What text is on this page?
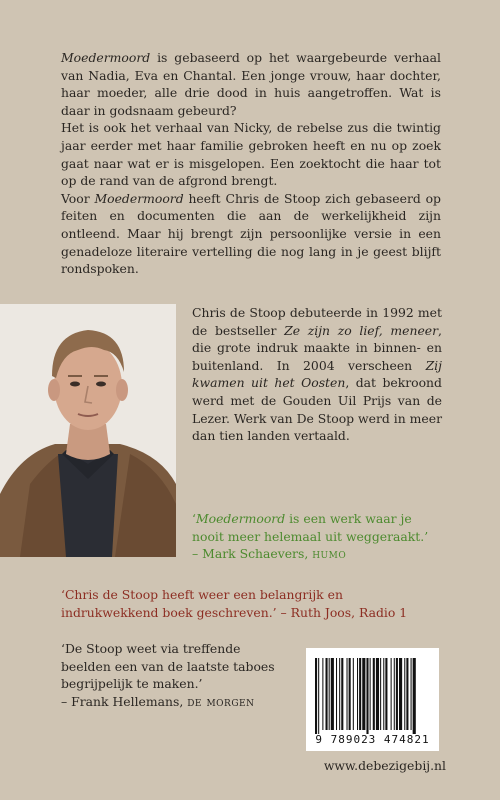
Moedermoord is gebaseerd op het waargebeurde verhaal van Nadia, Eva en Chantal. Een jonge vrouw, haar dochter, haar moeder, alle drie dood in huis aangetroffen. Wat is daar in godsnaam gebeurd?

Het is ook het verhaal van Nicky, de rebelse zus die twintig jaar eerder met haar familie gebroken heeft en nu op zoek gaat naar wat er is misgelopen. Een zoektocht die haar tot op de rand van de afgrond brengt.

Voor Moedermoord heeft Chris de Stoop zich gebaseerd op feiten en documenten die aan de werkelijkheid zijn ontleend. Maar hij brengt zijn persoonlijke versie in een genadeloze literaire vertelling die nog lang in je geest blijft rondspoken.

Chris de Stoop debuteerde in 1992 met de bestseller Ze zijn zo lief, meneer, die grote indruk maakte in binnen- en buitenland. In 2004 verscheen Zij kwamen uit het Oosten, dat bekroond werd met de Gouden Uil Prijs van de Lezer. Werk van De Stoop werd in meer dan tien landen vertaald.

‘Moedermoord is een werk waar je nooit meer helemaal uit weggeraakt.’
– Mark Schaevers, humo

‘Chris de Stoop heeft weer een belangrijk en indrukwekkend boek geschreven.’ – Ruth Joos, Radio 1

‘De Stoop weet via treffende beelden een van de laatste taboes begrijpelijk te maken.’
– Frank Hellemans, de morgen

9 789023 474821
www.debezigebij.nl
